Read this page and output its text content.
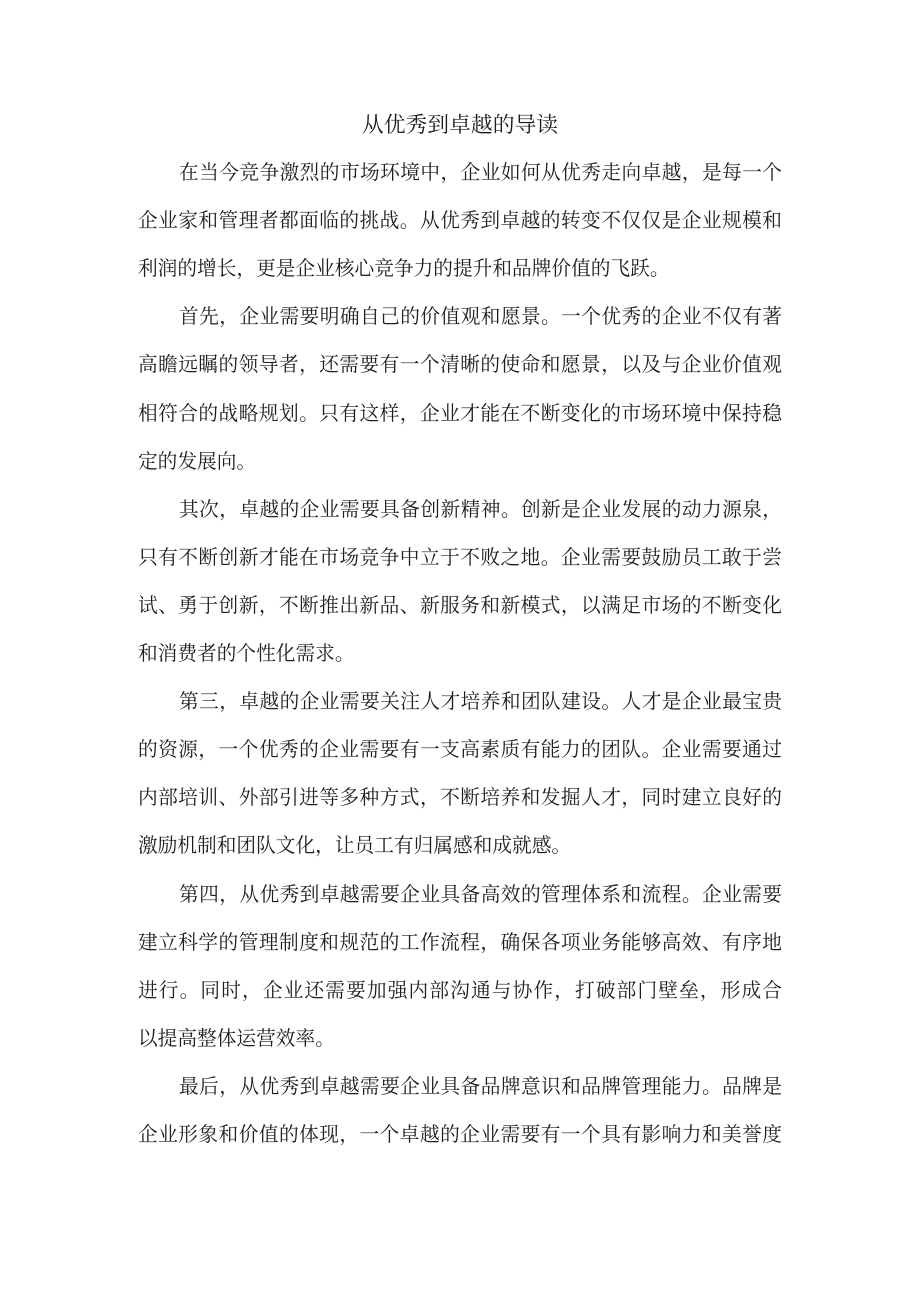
从优秀到卓越的导读
在当今竞争激烈的市场环境中，企业如何从优秀走向卓越，是每一个
企业家和管理者都面临的挑战。从优秀到卓越的转变不仅仅是企业规模和
利润的增长，更是企业核心竞争力的提升和品牌价值的飞跃。
首先，企业需要明确自己的价值观和愿景。一个优秀的企业不仅有著
高瞻远瞩的领导者，还需要有一个清晰的使命和愿景，以及与企业价值观
相符合的战略规划。只有这样，企业才能在不断变化的市场环境中保持稳
定的发展向。
其次，卓越的企业需要具备创新精神。创新是企业发展的动力源泉，
只有不断创新才能在市场竞争中立于不败之地。企业需要鼓励员工敢于尝
试、勇于创新，不断推出新品、新服务和新模式，以满足市场的不断变化
和消费者的个性化需求。
第三，卓越的企业需要关注人才培养和团队建设。人才是企业最宝贵
的资源，一个优秀的企业需要有一支高素质有能力的团队。企业需要通过
内部培训、外部引进等多种方式，不断培养和发掘人才，同时建立良好的
激励机制和团队文化，让员工有归属感和成就感。
第四，从优秀到卓越需要企业具备高效的管理体系和流程。企业需要
建立科学的管理制度和规范的工作流程，确保各项业务能够高效、有序地
进行。同时，企业还需要加强内部沟通与协作，打破部门壁垒，形成合
以提高整体运营效率。
最后，从优秀到卓越需要企业具备品牌意识和品牌管理能力。品牌是
企业形象和价值的体现，一个卓越的企业需要有一个具有影响力和美誉度
